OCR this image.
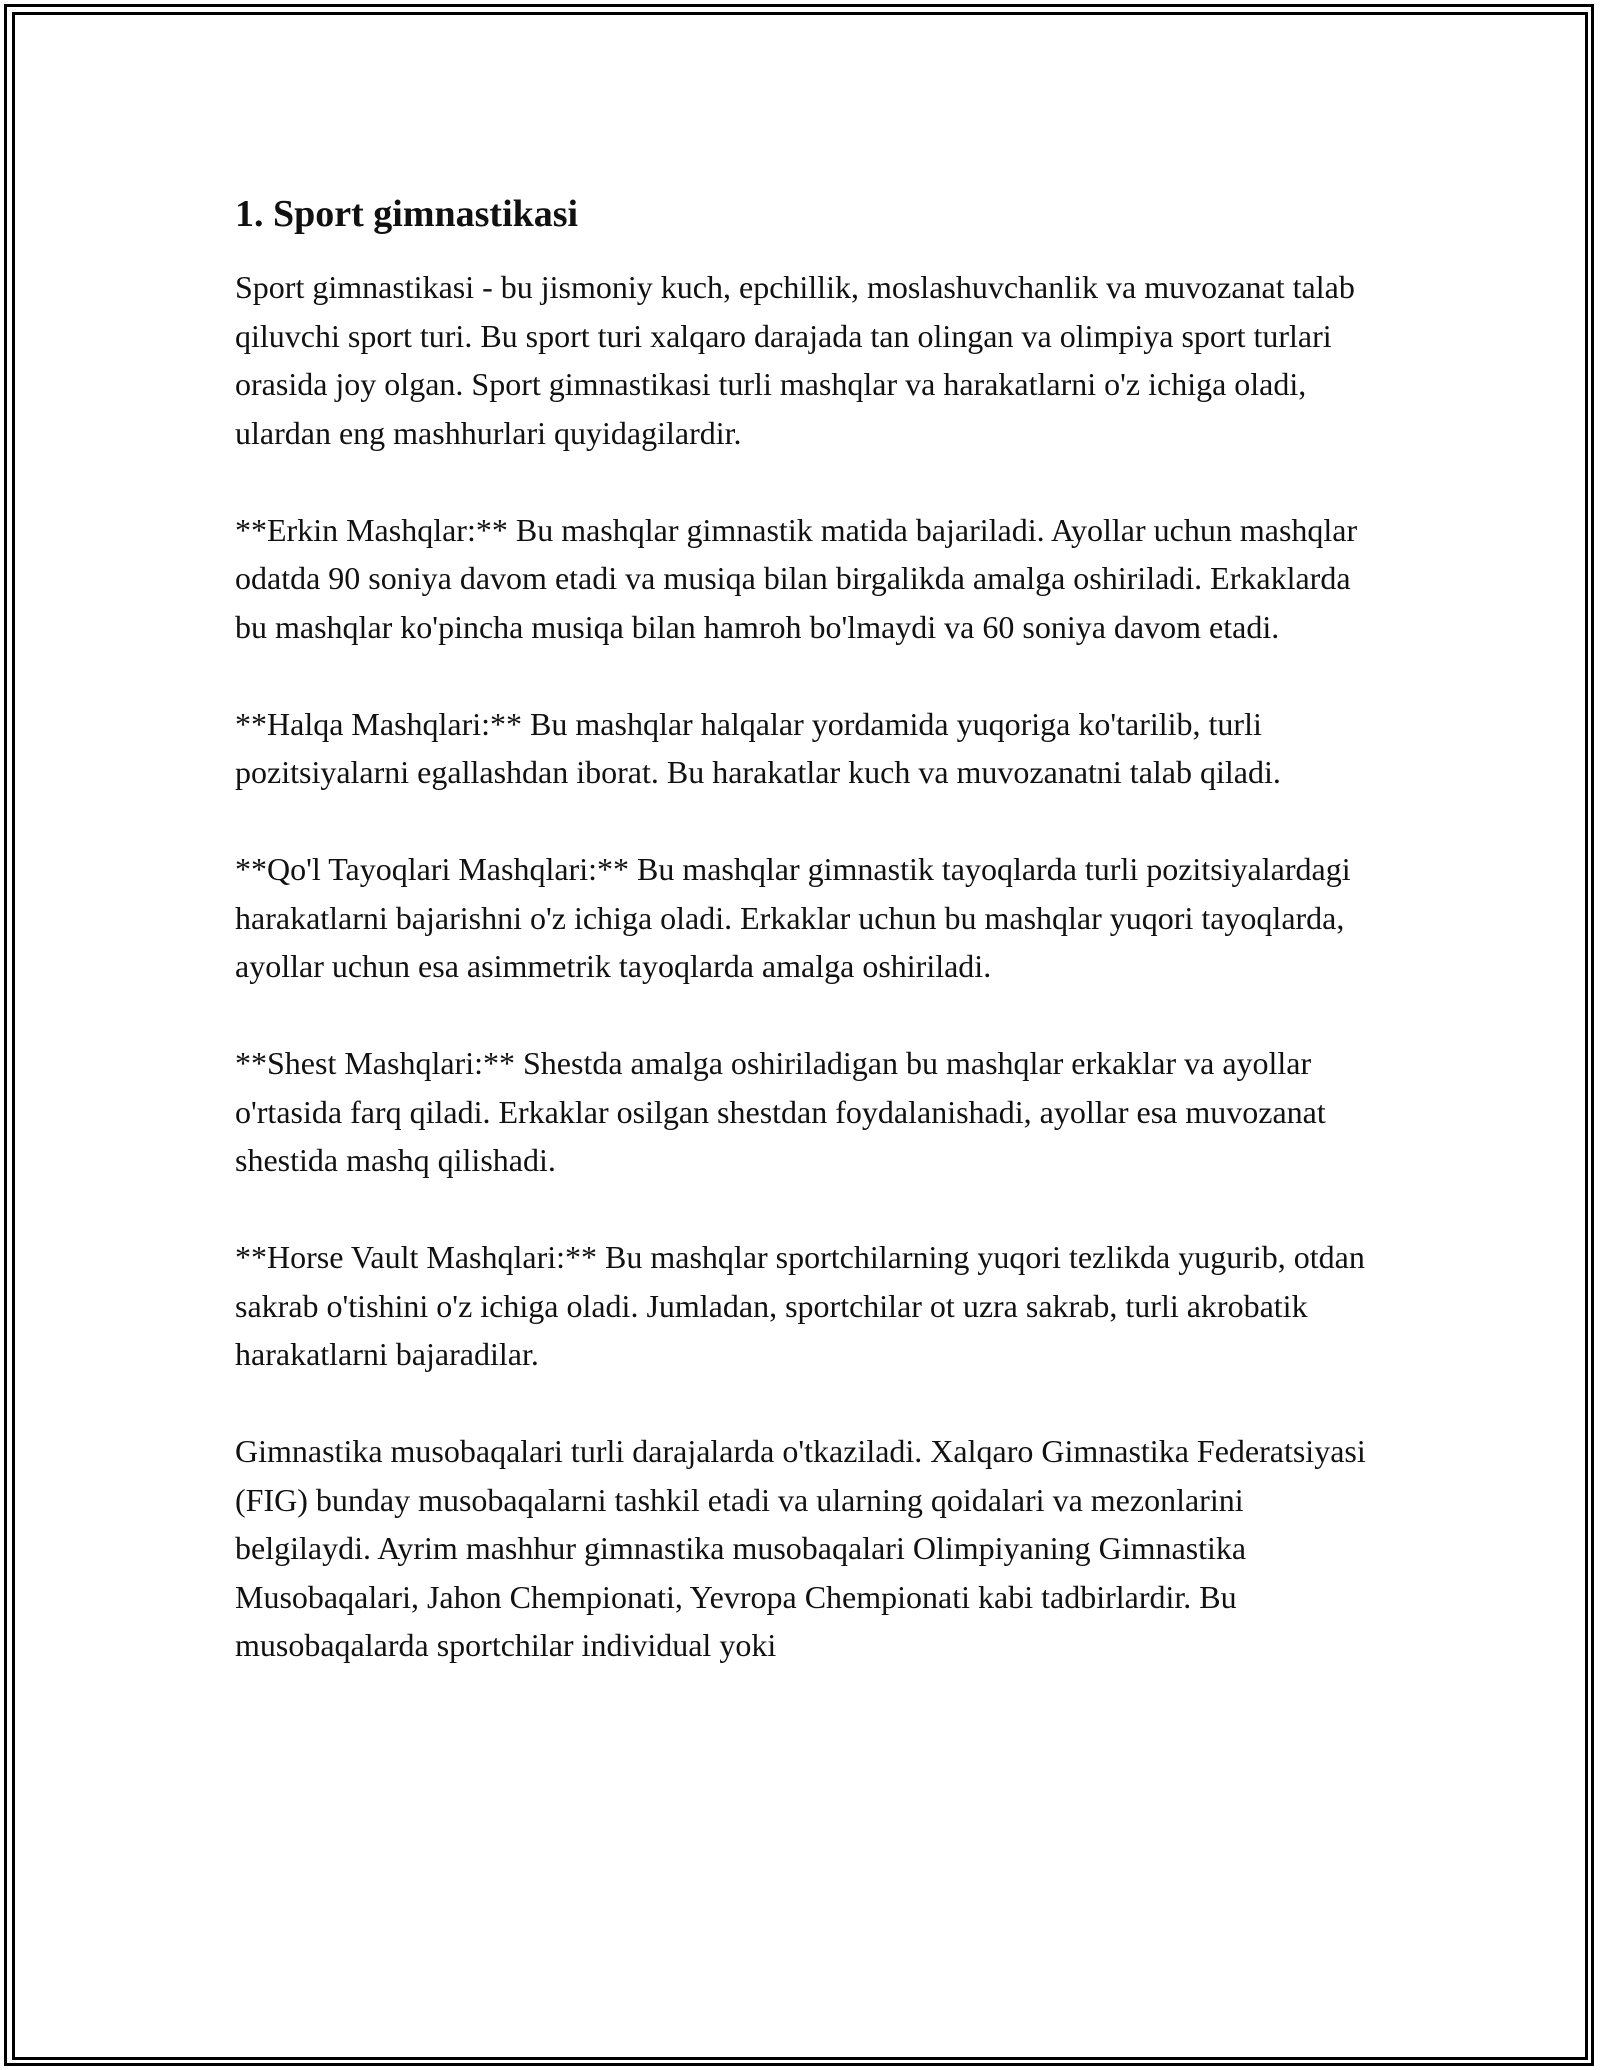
1. Sport gimnastikasi

Sport gimnastikasi - bu jismoniy kuch, epchillik, moslashuvchanlik va muvozanat talab qiluvchi sport turi. Bu sport turi xalqaro darajada tan olingan va olimpiya sport turlari orasida joy olgan. Sport gimnastikasi turli mashqlar va harakatlarni o'z ichiga oladi, ulardan eng mashhurlari quyidagilardir.

**Erkin Mashqlar:** Bu mashqlar gimnastik matida bajariladi. Ayollar uchun mashqlar odatda 90 soniya davom etadi va musiqa bilan birgalikda amalga oshiriladi. Erkaklarda bu mashqlar ko'pincha musiqa bilan hamroh bo'lmaydi va 60 soniya davom etadi.

**Halqa Mashqlari:** Bu mashqlar halqalar yordamida yuqoriga ko'tarilib, turli pozitsiyalarni egallashdan iborat. Bu harakatlar kuch va muvozanatni talab qiladi.

**Qo'l Tayoqlari Mashqlari:** Bu mashqlar gimnastik tayoqlarda turli pozitsiyalardagi harakatlarni bajarishni o'z ichiga oladi. Erkaklar uchun bu mashqlar yuqori tayoqlarda, ayollar uchun esa asimmetrik tayoqlarda amalga oshiriladi.

**Shest Mashqlari:** Shestda amalga oshiriladigan bu mashqlar erkaklar va ayollar o'rtasida farq qiladi. Erkaklar osilgan shestdan foydalanishadi, ayollar esa muvozanat shestida mashq qilishadi.

**Horse Vault Mashqlari:** Bu mashqlar sportchilarning yuqori tezlikda yugurib, otdan sakrab o'tishini o'z ichiga oladi. Jumladan, sportchilar ot uzra sakrab, turli akrobatik harakatlarni bajaradilar.

Gimnastika musobaqalari turli darajalarda o'tkaziladi. Xalqaro Gimnastika Federatsiyasi (FIG) bunday musobaqalarni tashkil etadi va ularning qoidalari va mezonlarini belgilaydi. Ayrim mashhur gimnastika musobaqalari Olimpiyaning Gimnastika Musobaqalari, Jahon Chempionati, Yevropa Chempionati kabi tadbirlardir. Bu musobaqalarda sportchilar individual yoki
